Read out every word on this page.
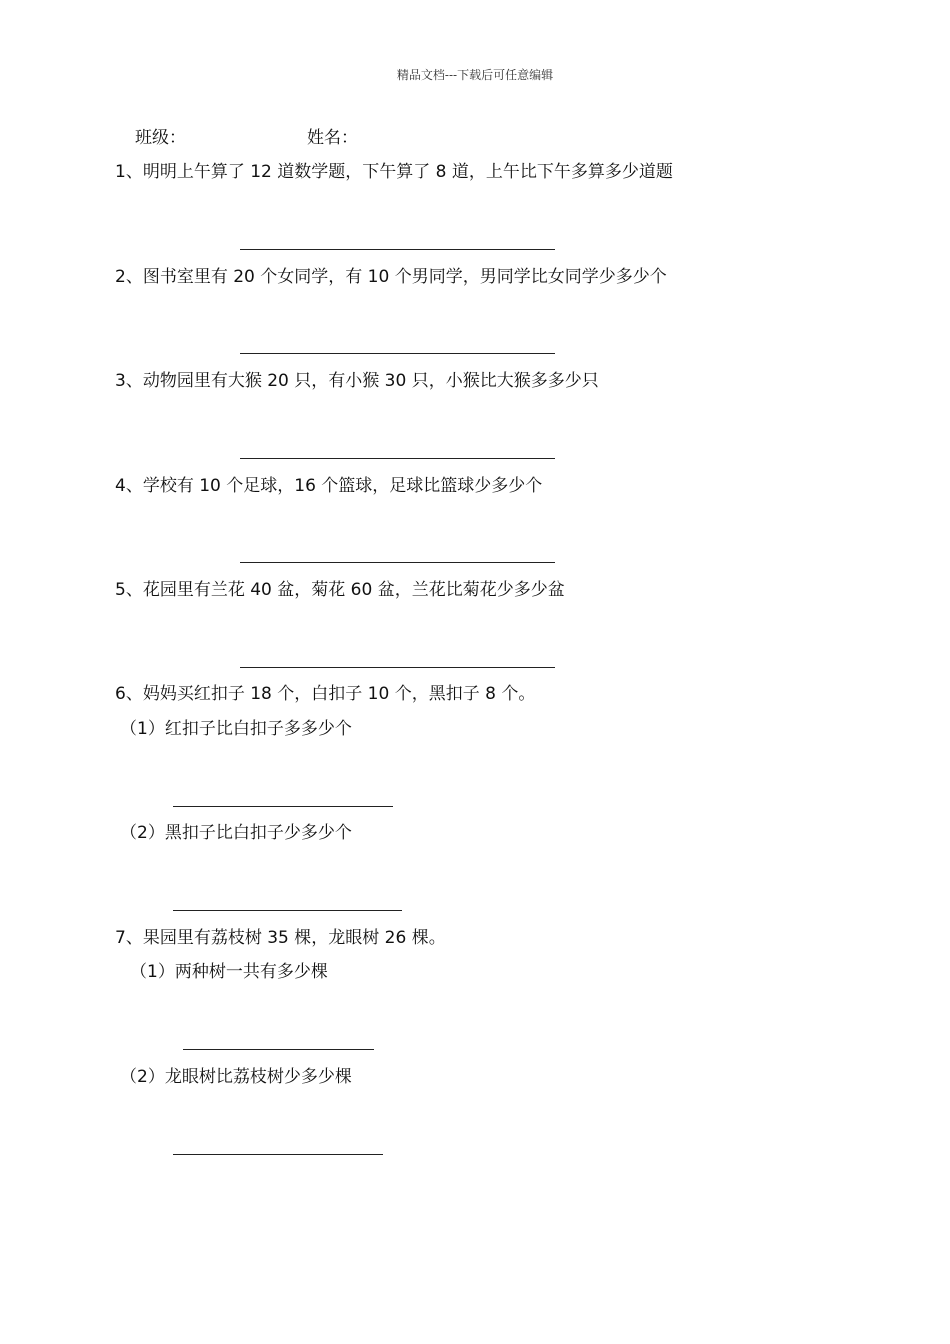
精品文档---下载后可任意编辑
班级：	姓名：
1、明明上午算了 12 道数学题，下午算了 8 道，上午比下午多算多少道题
2、图书室里有 20 个女同学，有 10 个男同学，男同学比女同学少多少个
3、动物园里有大猴 20 只，有小猴 30 只，小猴比大猴多多少只
4、学校有 10 个足球，16 个篮球，足球比篮球少多少个
5、花园里有兰花 40 盆，菊花 60 盆，兰花比菊花少多少盆
6、妈妈买红扣子 18 个，白扣子 10 个，黑扣子 8 个。
（1）红扣子比白扣子多多少个
（2）黑扣子比白扣子少多少个
7、果园里有荔枝树 35 棵，龙眼树 26 棵。
（1）两种树一共有多少棵
（2）龙眼树比荔枝树少多少棵
